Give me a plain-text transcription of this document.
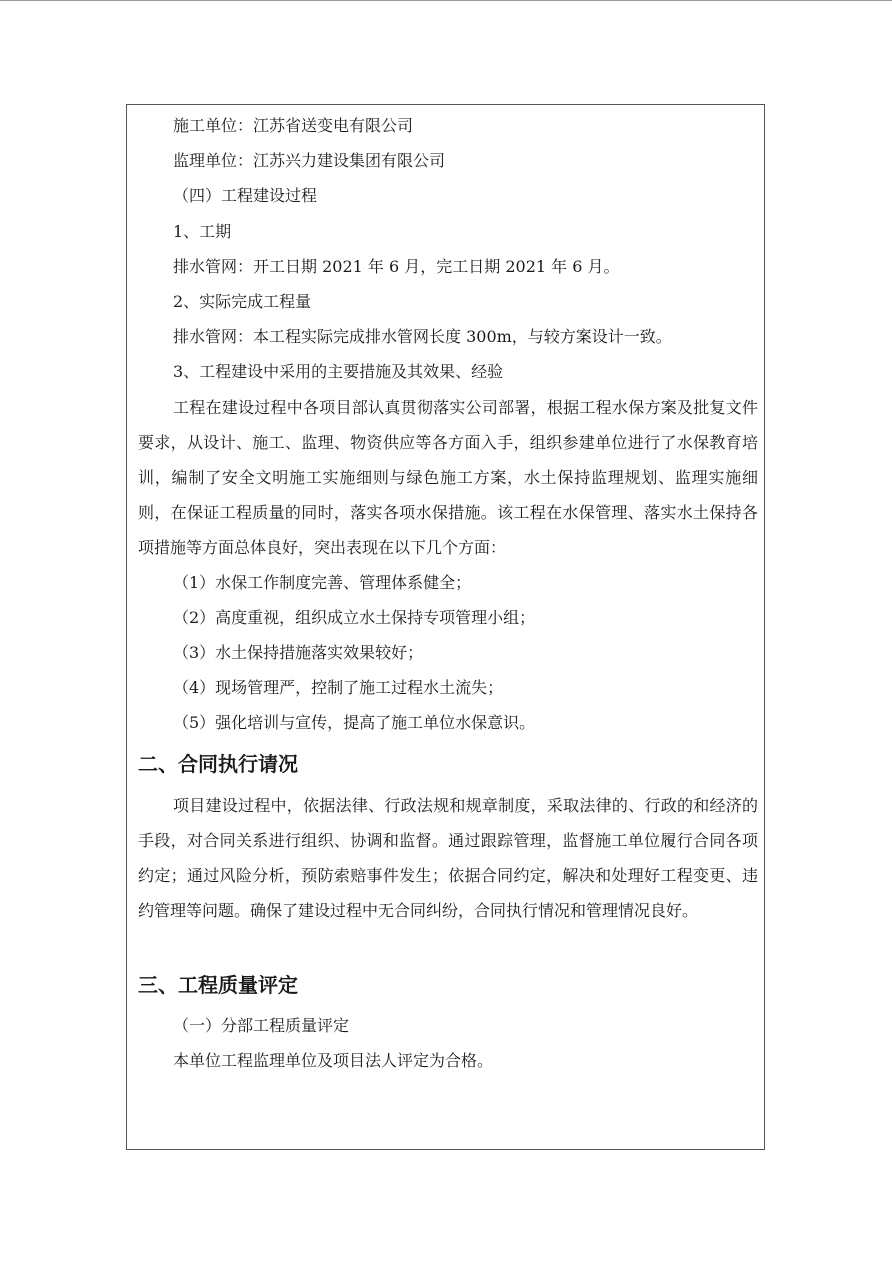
施工单位：江苏省送变电有限公司
监理单位：江苏兴力建设集团有限公司
（四）工程建设过程
1、工期
排水管网：开工日期 2021 年 6 月，完工日期 2021 年 6 月。
2、实际完成工程量
排水管网：本工程实际完成排水管网长度 300m，与较方案设计一致。
3、工程建设中采用的主要措施及其效果、经验

工程在建设过程中各项目部认真贯彻落实公司部署，根据工程水保方案及批复文件要求，从设计、施工、监理、物资供应等各方面入手，组织参建单位进行了水保教育培训，编制了安全文明施工实施细则与绿色施工方案，水土保持监理规划、监理实施细则，在保证工程质量的同时，落实各项水保措施。该工程在水保管理、落实水土保持各项措施等方面总体良好，突出表现在以下几个方面：

（1）水保工作制度完善、管理体系健全；
（2）高度重视，组织成立水土保持专项管理小组；
（3）水土保持措施落实效果较好；
（4）现场管理严，控制了施工过程水土流失；
（5）强化培训与宣传，提高了施工单位水保意识。
二、合同执行请况

项目建设过程中，依据法律、行政法规和规章制度，采取法律的、行政的和经济的手段，对合同关系进行组织、协调和监督。通过跟踪管理，监督施工单位履行合同各项约定；通过风险分析，预防索赔事件发生；依据合同约定，解决和处理好工程变更、违约管理等问题。确保了建设过程中无合同纠纷，合同执行情况和管理情况良好。

三、工程质量评定
（一）分部工程质量评定
本单位工程监理单位及项目法人评定为合格。
